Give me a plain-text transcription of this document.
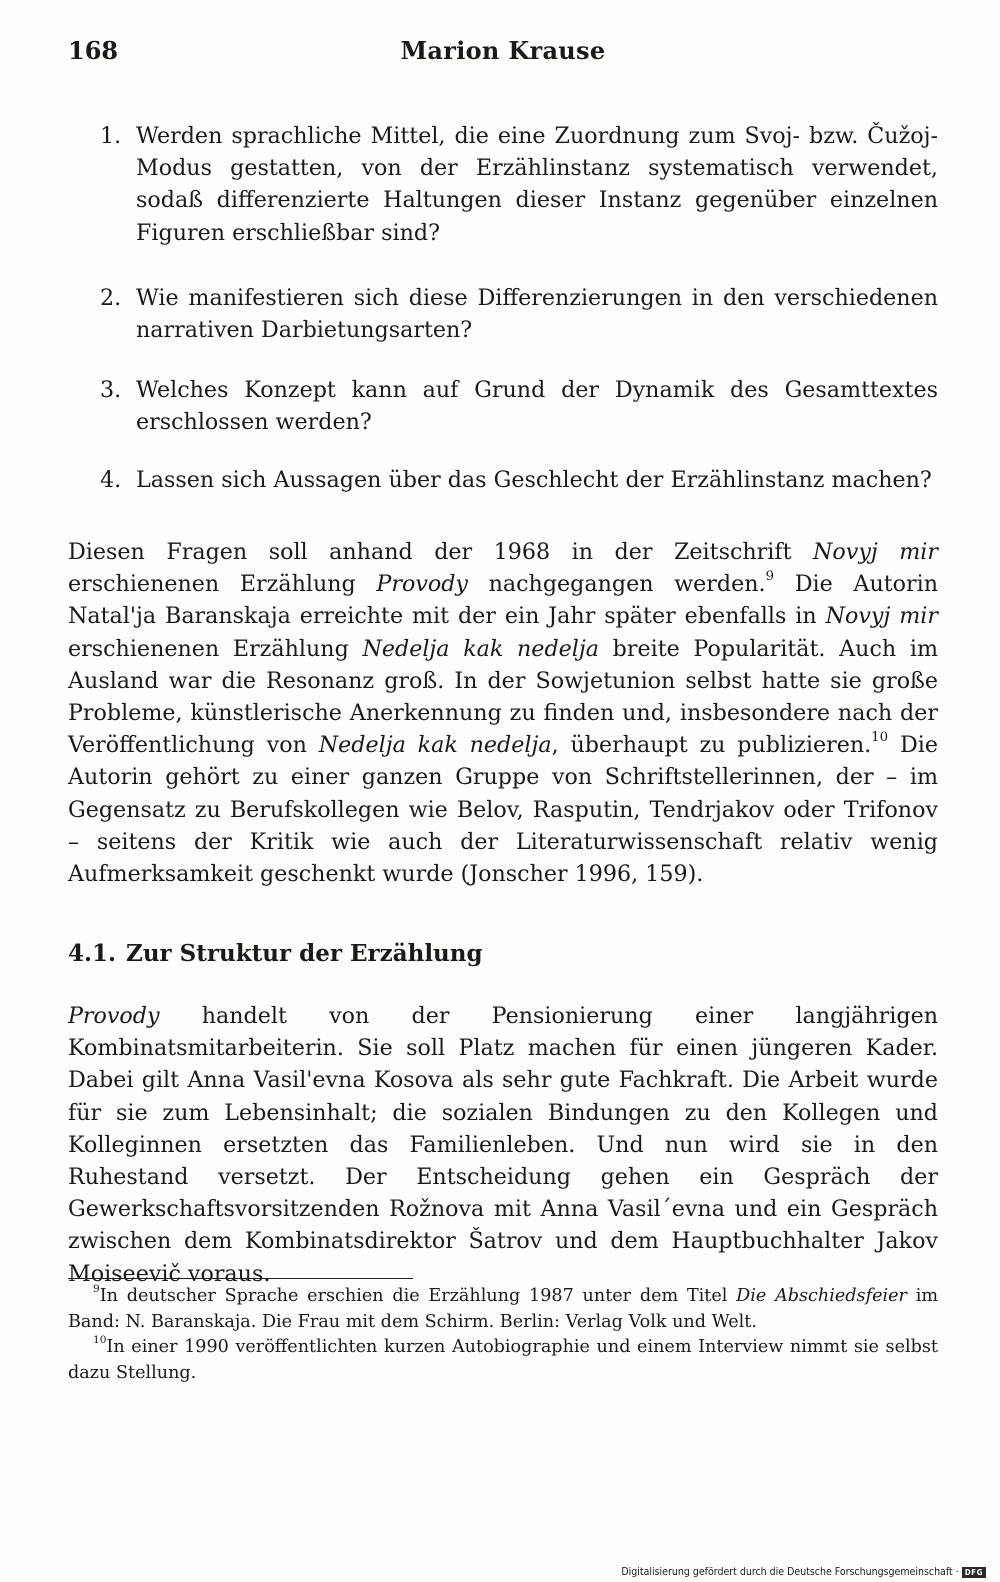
168	Marion Krause
1. Werden sprachliche Mittel, die eine Zuordnung zum Svoj- bzw. Čužoj-Modus gestatten, von der Erzählinstanz systematisch verwendet, sodaß differenzierte Haltungen dieser Instanz gegenüber einzelnen Figuren erschließbar sind?
2. Wie manifestieren sich diese Differenzierungen in den verschiedenen narrativen Darbietungsarten?
3. Welches Konzept kann auf Grund der Dynamik des Gesamttextes erschlossen werden?
4. Lassen sich Aussagen über das Geschlecht der Erzählinstanz machen?

Diesen Fragen soll anhand der 1968 in der Zeitschrift Novyj mir erschienenen Erzählung Provody nachgegangen werden.$^9$ Die Autorin Natal'ja Baranskaja erreichte mit der ein Jahr später ebenfalls in Novyj mir erschienenen Erzählung Nedelja kak nedelja breite Popularität. Auch im Ausland war die Resonanz groß. In der Sowjetunion selbst hatte sie große Probleme, künstlerische Anerkennung zu finden und, insbesondere nach der Veröffentlichung von Nedelja kak nedelja, überhaupt zu publizieren.$^{10}$ Die Autorin gehört zu einer ganzen Gruppe von Schriftstellerinnen, der – im Gegensatz zu Berufskollegen wie Belov, Rasputin, Tendrjakov oder Trifonov – seitens der Kritik wie auch der Literaturwissenschaft relativ wenig Aufmerksamkeit geschenkt wurde (Jonscher 1996, 159).

4.1. Zur Struktur der Erzählung

Provody handelt von der Pensionierung einer langjährigen Kombinatsmitarbeiterin. Sie soll Platz machen für einen jüngeren Kader. Dabei gilt Anna Vasil'evna Kosova als sehr gute Fachkraft. Die Arbeit wurde für sie zum Lebensinhalt; die sozialen Bindungen zu den Kollegen und Kolleginnen ersetzten das Familienleben. Und nun wird sie in den Ruhestand versetzt. Der Entscheidung gehen ein Gespräch der Gewerkschaftsvorsitzenden Rožnova mit Anna Vasil´evna und ein Gespräch zwischen dem Kombinatsdirektor Šatrov und dem Hauptbuchhalter Jakov Moiseevič voraus.

$^9$In deutscher Sprache erschien die Erzählung 1987 unter dem Titel Die Abschiedsfeier im Band: N. Baranskaja. Die Frau mit dem Schirm. Berlin: Verlag Volk und Welt.

$^{10}$In einer 1990 veröffentlichten kurzen Autobiographie und einem Interview nimmt sie selbst dazu Stellung.

Digitalisierung gefördert durch die Deutsche Forschungsgemeinschaft · DFG
